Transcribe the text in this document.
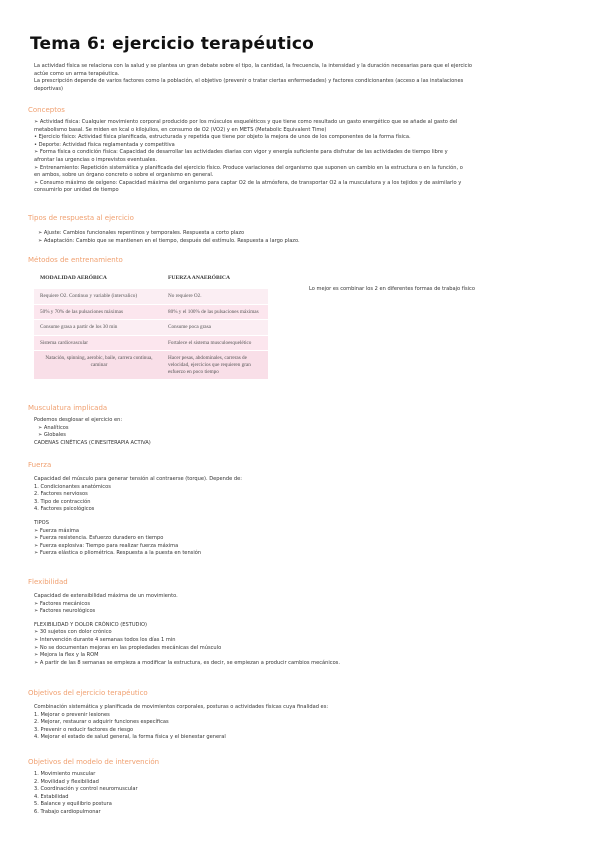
Tema 6: ejercicio terapéutico

La actividad física se relaciona con la salud y se plantea un gran debate sobre el tipo, la cantidad, la frecuencia, la intensidad y la duración necesarias para que el ejercicio

actúe como un arma terapéutica.

La prescripción depende de varios factores como la población, el objetivo (prevenir o tratar ciertas enfermedades) y factores condicionantes (acceso a las instalaciones

deportivas)

Conceptos

➢ Actividad física: Cualquier movimiento corporal producido por los músculos esqueléticos y que tiene como resultado un gasto energético que se añade al gasto del

metabolismo basal. Se miden en kcal o kilojulios, en consumo de O2 (VO2) y en METS (Metabolic Equivalent Time)

• Ejercicio físico: Actividad física planificada, estructurada y repetida que tiene por objeto la mejora de unos de los componentes de la forma física.

• Deporte: Actividad física reglamentada y competitiva

➢ Forma física o condición física: Capacidad de desarrollar las actividades diarias con vigor y energía suficiente para disfrutar de las actividades de tiempo libre y

afrontar las urgencias o imprevistos eventuales.

➢ Entrenamiento: Repetición sistemática y planificada del ejercicio físico. Produce variaciones del organismo que suponen un cambio en la estructura o en la función, o

en ambos, sobre un órgano concreto o sobre el organismo en general.

➢ Consumo máximo de oxígeno: Capacidad máxima del organismo para captar O2 de la atmósfera, de transportar O2 a la musculatura y a los tejidos y de asimilarlo y

consumirlo por unidad de tiempo

Tipos de respuesta al ejercicio

➢ Ajuste: Cambios funcionales repentinos y temporales. Respuesta a corto plazo

➢ Adaptación: Cambio que se mantienen en el tiempo, después del estímulo. Respuesta a largo plazo.

Métodos de entrenamiento
MODALIDAD AERÓBICA	FUERZA ANAERÓBICA
Requiere O2. Continuo y variable (intervalico)	No requiere O2.
50% y 70% de las pulsaciones máximas	80% y el 100% de las pulsaciones máximas
Consume grasa a partir de los 30 min	Consume poca grasa
Sistema cardiovascular	Fortalece el sistema musculoesquelético
Natación, spinning, aerobic, baile, carrera continua, caminar	Hacer pesas, abdominales, carreras de velocidad, ejercicios que requieren gran esfuerzo en poco tiempo
Lo mejor es combinar los 2 en diferentes formas de trabajo físico
Musculatura implicada

Podemos desglosar el ejercicio en:

➢ Analíticos

➢ Globales

CADENAS CINÉTICAS (CINESITERAPIA ACTIVA)

Fuerza

Capacidad del músculo para generar tensión al contraerse (torque). Depende de:

1. Condicionantes anatómicos

2. Factores nerviosos

3. Tipo de contracción

4. Factores psicológicos

TIPOS

➢ Fuerza máxima

➢ Fuerza resistencia. Esfuerzo duradero en tiempo

➢ Fuerza explosiva: Tiempo para realizar fuerza máxima

➢ Fuerza elástica o pliométrica. Respuesta a la puesta en tensión

Flexibilidad

Capacidad de extensibilidad máxima de un movimiento.

➢ Factores mecánicos

➢ Factores neurológicos

FLEXIBILIDAD Y DOLOR CRÓNICO (ESTUDIO)

➢ 30 sujetos con dolor crónico

➢ Intervención durante 4 semanas todos los días 1 min

➢ No se documentan mejoras en las propiedades mecánicas del músculo

➢ Mejora la flex y la ROM

➢ A partir de las 8 semanas se empieza a modificar la estructura, es decir, se empiezan a producir cambios mecánicos.

Objetivos del ejercicio terapéutico

Combinación sistemática y planificada de movimientos corporales, posturas o actividades físicas cuya finalidad es:

1. Mejorar o prevenir lesiones

2. Mejorar, restaurar o adquirir funciones específicas

3. Prevenir o reducir factores de riesgo

4. Mejorar el estado de salud general, la forma física y el bienestar general

Objetivos del modelo de intervención

1. Movimiento muscular

2. Movilidad y flexibilidad

3. Coordinación y control neuromuscular

4. Estabilidad

5. Balance y equilibrio postura

6. Trabajo cardiopulmonar
